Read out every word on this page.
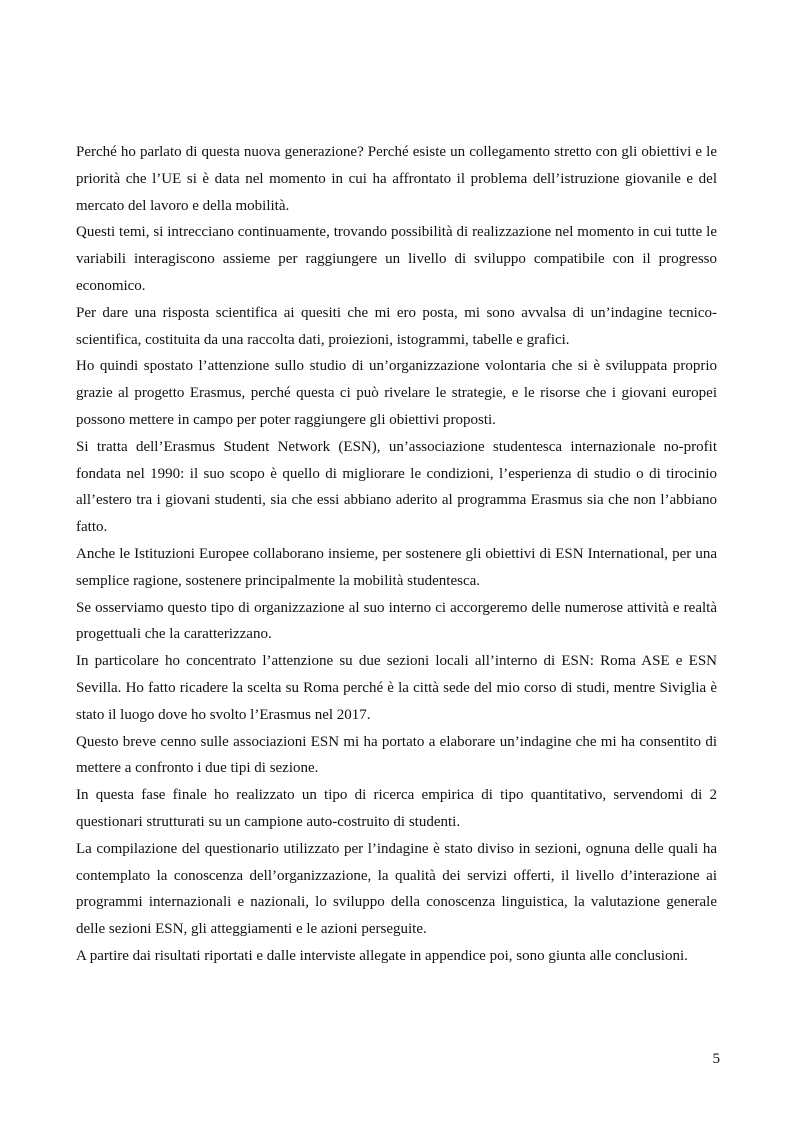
Perché ho parlato di questa nuova generazione? Perché esiste un collegamento stretto con gli obiettivi e le priorità che l’UE si è data nel momento in cui ha affrontato il problema dell’istruzione giovanile e del mercato del lavoro e della mobilità.

Questi temi, si intrecciano continuamente, trovando possibilità di realizzazione nel momento in cui tutte le variabili interagiscono assieme per raggiungere un livello di sviluppo compatibile con il progresso economico.

Per dare una risposta scientifica ai quesiti che mi ero posta, mi sono avvalsa di un’indagine tecnico-scientifica, costituita da una raccolta dati, proiezioni, istogrammi, tabelle e grafici.

Ho quindi spostato l’attenzione sullo studio di un’organizzazione volontaria che si è sviluppata proprio grazie al progetto Erasmus, perché questa ci può rivelare le strategie, e le risorse che i giovani europei possono mettere in campo per poter raggiungere gli obiettivi proposti.

Si tratta dell’Erasmus Student Network (ESN), un’associazione studentesca internazionale no-profit fondata nel 1990: il suo scopo è quello di migliorare le condizioni, l’esperienza di studio o di tirocinio all’estero tra i giovani studenti, sia che essi abbiano aderito al programma Erasmus sia che non l’abbiano fatto.

Anche le Istituzioni Europee collaborano insieme, per sostenere gli obiettivi di ESN International, per una semplice ragione, sostenere principalmente la mobilità studentesca.

Se osserviamo questo tipo di organizzazione al suo interno ci accorgeremo delle numerose attività e realtà progettuali che la caratterizzano.

In particolare ho concentrato l’attenzione su due sezioni locali all’interno di ESN: Roma ASE e ESN Sevilla. Ho fatto ricadere la scelta su Roma perché è la città sede del mio corso di studi, mentre Siviglia è stato il luogo dove ho svolto l’Erasmus nel 2017.

Questo breve cenno sulle associazioni ESN mi ha portato a elaborare un’indagine che mi ha consentito di mettere a confronto i due tipi di sezione.

In questa fase finale ho realizzato un tipo di ricerca empirica di tipo quantitativo, servendomi di 2 questionari strutturati su un campione auto-costruito di studenti.

La compilazione del questionario utilizzato per l’indagine è stato diviso in sezioni, ognuna delle quali ha contemplato la conoscenza dell’organizzazione, la qualità dei servizi offerti, il livello d’interazione ai programmi internazionali e nazionali, lo sviluppo della conoscenza linguistica, la valutazione generale delle sezioni ESN, gli atteggiamenti e le azioni perseguite.

A partire dai risultati riportati e dalle interviste allegate in appendice poi, sono giunta alle conclusioni.

5
